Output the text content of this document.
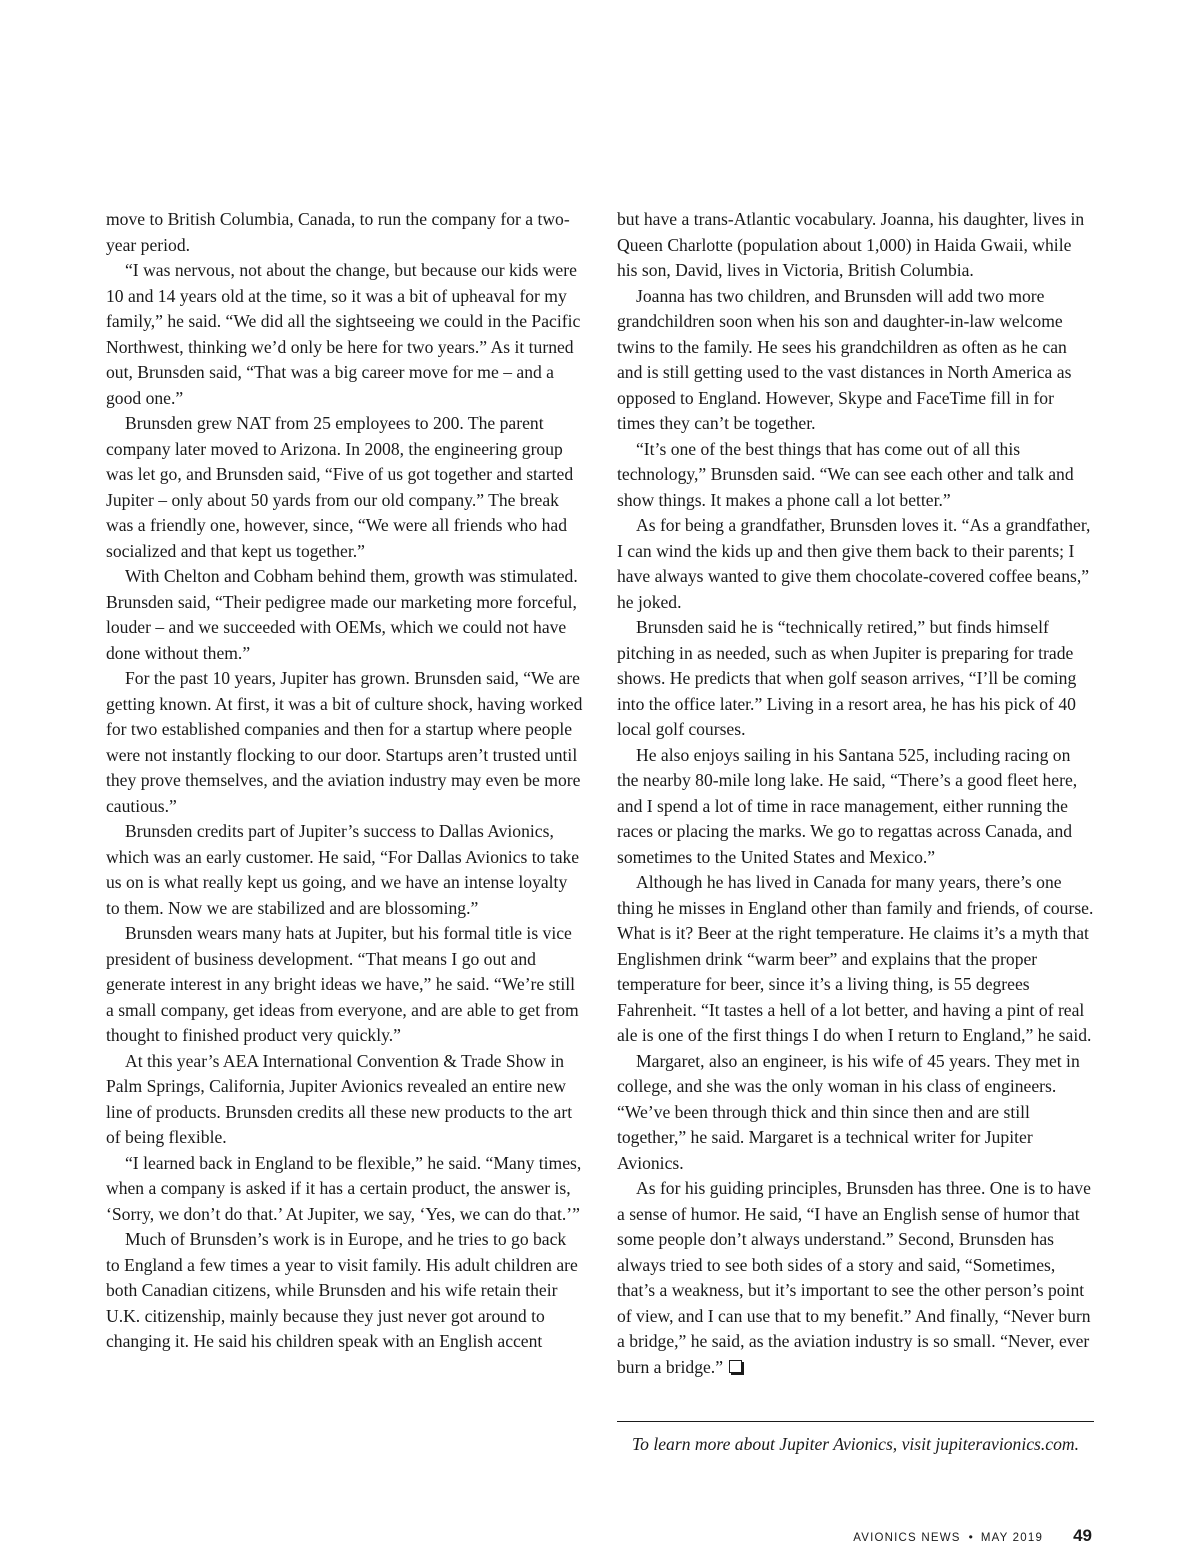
move to British Columbia, Canada, to run the company for a two-year period.

“I was nervous, not about the change, but because our kids were 10 and 14 years old at the time, so it was a bit of upheaval for my family,” he said. “We did all the sightseeing we could in the Pacific Northwest, thinking we’d only be here for two years.” As it turned out, Brunsden said, “That was a big career move for me – and a good one.”

Brunsden grew NAT from 25 employees to 200. The parent company later moved to Arizona. In 2008, the engineering group was let go, and Brunsden said, “Five of us got together and started Jupiter – only about 50 yards from our old company.” The break was a friendly one, however, since, “We were all friends who had socialized and that kept us together.”

With Chelton and Cobham behind them, growth was stimulated. Brunsden said, “Their pedigree made our marketing more forceful, louder – and we succeeded with OEMs, which we could not have done without them.”

For the past 10 years, Jupiter has grown. Brunsden said, “We are getting known. At first, it was a bit of culture shock, having worked for two established companies and then for a startup where people were not instantly flocking to our door. Startups aren’t trusted until they prove themselves, and the aviation industry may even be more cautious.”

Brunsden credits part of Jupiter’s success to Dallas Avionics, which was an early customer. He said, “For Dallas Avionics to take us on is what really kept us going, and we have an intense loyalty to them. Now we are stabilized and are blossoming.”

Brunsden wears many hats at Jupiter, but his formal title is vice president of business development. “That means I go out and generate interest in any bright ideas we have,” he said. “We’re still a small company, get ideas from everyone, and are able to get from thought to finished product very quickly.”

At this year’s AEA International Convention & Trade Show in Palm Springs, California, Jupiter Avionics revealed an entire new line of products. Brunsden credits all these new products to the art of being flexible.

“I learned back in England to be flexible,” he said. “Many times, when a company is asked if it has a certain product, the answer is, ‘Sorry, we don’t do that.’ At Jupiter, we say, ‘Yes, we can do that.’”

Much of Brunsden’s work is in Europe, and he tries to go back to England a few times a year to visit family. His adult children are both Canadian citizens, while Brunsden and his wife retain their U.K. citizenship, mainly because they just never got around to changing it. He said his children speak with an English accent

but have a trans-Atlantic vocabulary. Joanna, his daughter, lives in Queen Charlotte (population about 1,000) in Haida Gwaii, while his son, David, lives in Victoria, British Columbia.

Joanna has two children, and Brunsden will add two more grandchildren soon when his son and daughter-in-law welcome twins to the family. He sees his grandchildren as often as he can and is still getting used to the vast distances in North America as opposed to England. However, Skype and FaceTime fill in for times they can’t be together.

“It’s one of the best things that has come out of all this technology,” Brunsden said. “We can see each other and talk and show things. It makes a phone call a lot better.”

As for being a grandfather, Brunsden loves it. “As a grandfather, I can wind the kids up and then give them back to their parents; I have always wanted to give them chocolate-covered coffee beans,” he joked.

Brunsden said he is “technically retired,” but finds himself pitching in as needed, such as when Jupiter is preparing for trade shows. He predicts that when golf season arrives, “I’ll be coming into the office later.” Living in a resort area, he has his pick of 40 local golf courses.

He also enjoys sailing in his Santana 525, including racing on the nearby 80-mile long lake. He said, “There’s a good fleet here, and I spend a lot of time in race management, either running the races or placing the marks. We go to regattas across Canada, and sometimes to the United States and Mexico.”

Although he has lived in Canada for many years, there’s one thing he misses in England other than family and friends, of course. What is it? Beer at the right temperature. He claims it’s a myth that Englishmen drink “warm beer” and explains that the proper temperature for beer, since it’s a living thing, is 55 degrees Fahrenheit. “It tastes a hell of a lot better, and having a pint of real ale is one of the first things I do when I return to England,” he said.

Margaret, also an engineer, is his wife of 45 years. They met in college, and she was the only woman in his class of engineers. “We’ve been through thick and thin since then and are still together,” he said. Margaret is a technical writer for Jupiter Avionics.

As for his guiding principles, Brunsden has three. One is to have a sense of humor. He said, “I have an English sense of humor that some people don’t always understand.” Second, Brunsden has always tried to see both sides of a story and said, “Sometimes, that’s a weakness, but it’s important to see the other person’s point of view, and I can use that to my benefit.” And finally, “Never burn a bridge,” he said, as the aviation industry is so small. “Never, ever burn a bridge.”

To learn more about Jupiter Avionics, visit jupiteravionics.com.
AVIONICS NEWS • MAY 2019 49
